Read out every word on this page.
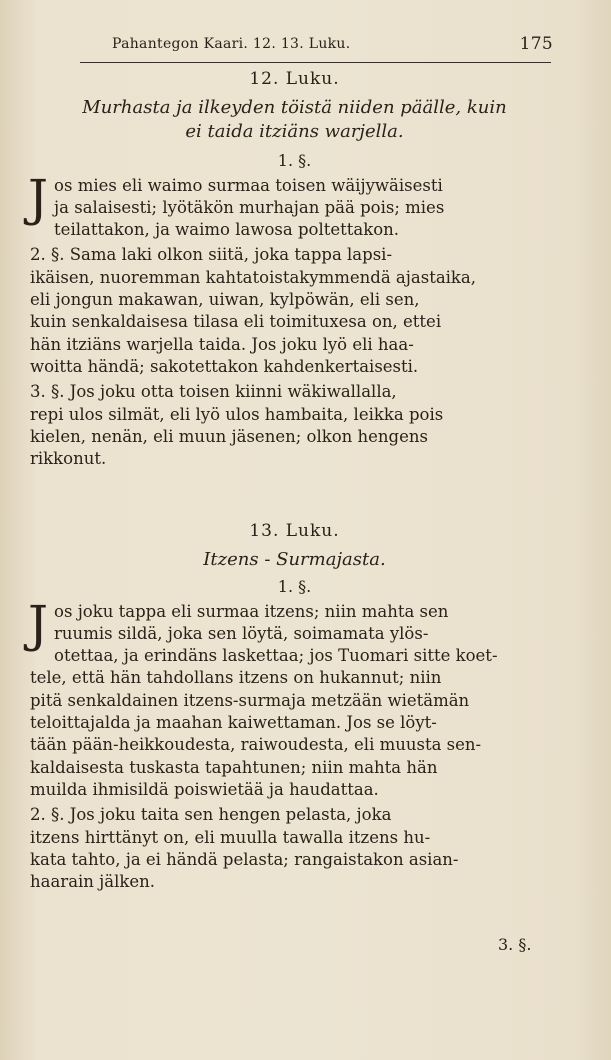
Pahantegon Kaari. 12. 13. Luku.	175
12. Luku.
Murhasta ja ilkeyden töistä niiden päälle, kuin
ei taida itziäns warjella.
1. §.
J os mies eli waimo surmaa toisen wäijywäisesti
ja salaisesti; lyötäkön murhajan pää pois; mies
teilattakon, ja waimo lawosa poltettakon.
2. §. Sama laki olkon siitä, joka tappa lapsi-
ikäisen, nuoremman kahtatoistakymmendä ajastaika,
eli jongun makawan, uiwan, kylpöwän, eli sen,
kuin senkaldaisesa tilasa eli toimituxesa on, ettei
hän itziäns warjella taida. Jos joku lyö eli haa-
woitta händä; sakotettakon kahdenkertaisesti.
3. §. Jos joku otta toisen kiinni wäkiwallalla,
repi ulos silmät, eli lyö ulos hambaita, leikka pois
kielen, nenän, eli muun jäsenen; olkon hengens
rikkonut.
13. Luku.
Itzens - Surmajasta.
1. §.
J os joku tappa eli surmaa itzens; niin mahta sen
ruumis sildä, joka sen löytä, soimamata ylös-
otettaa, ja erindäns laskettaa; jos Tuomari sitte koet-
tele, että hän tahdollans itzens on hukannut; niin
pitä senkaldainen itzens-surmaja metzään wietämän
teloittajalda ja maahan kaiwettaman. Jos se löyt-
tään pään-heikkoudesta, raiwoudesta, eli muusta sen-
kaldaisesta tuskasta tapahtunen; niin mahta hän
muilda ihmisildä poiswietää ja haudattaa.
2. §. Jos joku taita sen hengen pelasta, joka
itzens hirttänyt on, eli muulla tawalla itzens hu-
kata tahto, ja ei händä pelasta; rangaistakon asian-
haarain jälken.
3. §.
